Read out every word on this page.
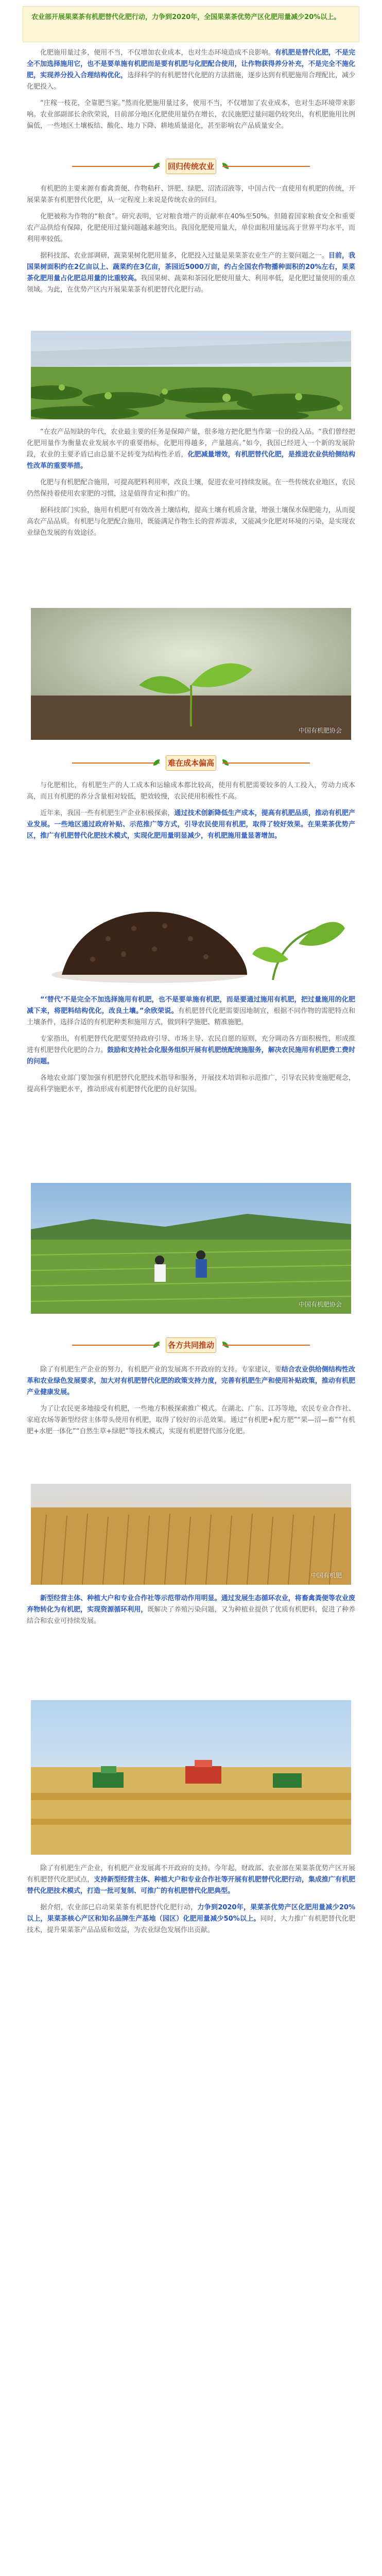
农业部开展果菜茶有机肥替代化肥行动，力争到2020年，全国果菜茶优势产区化肥用量减少20%以上。

化肥施用量过多，便用不当，不仅增加农业成本，也对生态环境造成不良影响。有机肥是替代化肥，不是完全不加选择施用它，也不是要单施有机肥而是要有机肥与化肥配合使用，让作物获得养分补充，不是完全不施化肥，实现养分投入合理结构优化，选择科学的有机肥替代化肥的方法措施，逐步达到有机肥施用合理配比，减少化肥投入。

“庄稼一枝花，全靠肥当家。”然而化肥施用量过多，使用不当，不仅增加了农业成本，也对生态环境带来影响。农业部副部长余欣荣说，目前部分地区化肥使用量仍在增长，农民施肥过量问题仍较突出，有机肥施用比例偏低，一些地区土壤板结、酸化、地力下降、耕地质量退化，甚至影响农产品质量安全。

回归传统农业

有机肥的主要来源有畜禽粪便、作物秸秆、饼肥、绿肥、沼渣沼液等，中国古代一直使用有机肥的传统，开展果菜茶有机肥替代化肥，从一定程度上来说是传统农业的回归。

化肥被称为作物的“粮食”。研究表明，它对粮食增产的贡献率在40%至50%。但随着国家粮食安全和重要农产品供给有保障，化肥使用过量问题越来越突出。我国化肥使用量大，单位面积用量远高于世界平均水平，而利用率较低。

据科技部、农业部调研，蔬菜果树化肥用量多，化肥投入过量是果菜茶农业生产的主要问题之一。目前，我国果树面积约在2亿亩以上、蔬菜约在3亿亩，茶园近5000万亩，约占全国农作物播种面积的20%左右，果菜茶化肥用量占化肥总用量的比重较高。我国果树、蔬菜和茶园化肥使用量大、利用率低，是化肥过量使用的重点领域。为此，在优势产区内开展果菜茶有机肥替代化肥行动。

“在农产品短缺的年代，农业最主要的任务是保障产量，很多地方把化肥当作第一位的投入品。“我们曾经把化肥用量作为衡量农业发展水平的重要指标，化肥用得越多，产量越高。”如今，我国已经进入一个新的发展阶段，农业的主要矛盾已由总量不足转变为结构性矛盾，化肥减量增效，有机肥替代化肥，是推进农业供给侧结构性改革的重要举措。

化肥与有机肥配合施用，可提高肥料利用率，改良土壤，促进农业可持续发展。在一些传统农业地区，农民仍然保持着使用农家肥的习惯，这是值得肯定和推广的。

据科技部门实验，施用有机肥可有效改善土壤结构，提高土壤有机质含量，增强土壤保水保肥能力，从而提高农产品品质。有机肥与化肥配合施用，既能满足作物生长的营养需求，又能减少化肥对环境的污染，是实现农业绿色发展的有效途径。

中国有机肥协会
难在成本偏高

与化肥相比，有机肥生产的人工成本和运输成本都比较高，使用有机肥需要较多的人工投入，劳动力成本高，而且有机肥的养分含量相对较低，肥效较慢，农民使用积极性不高。

近年来，我国一些有机肥生产企业积极探索，通过技术创新降低生产成本，提高有机肥品质，推动有机肥产业发展。一些地区通过政府补贴、示范推广等方式，引导农民使用有机肥，取得了较好效果。在果菜茶优势产区，推广有机肥替代化肥技术模式，实现化肥用量明显减少，有机肥施用量显著增加。

“‘替代’不是完全不加选择施用有机肥，也不是要单施有机肥，而是要通过施用有机肥，把过量施用的化肥减下来，将肥料结构优化，改良土壤。”余欣荣说。有机肥替代化肥需要因地制宜，根据不同作物的需肥特点和土壤条件，选择合适的有机肥种类和施用方式，做到科学施肥、精准施肥。

专家指出，有机肥替代化肥要坚持政府引导、市场主导、农民自愿的原则，充分调动各方面积极性，形成推进有机肥替代化肥的合力。鼓励和支持社会化服务组织开展有机肥统配统施服务，解决农民施用有机肥费工费时的问题。

各地农业部门要加强有机肥替代化肥技术指导和服务，开展技术培训和示范推广，引导农民转变施肥观念，提高科学施肥水平，推动形成有机肥替代化肥的良好氛围。

中国有机肥协会
各方共同推动

除了有机肥生产企业的努力，有机肥产业的发展离不开政府的支持。专家建议，要结合农业供给侧结构性改革和农业绿色发展要求，加大对有机肥替代化肥的政策支持力度，完善有机肥生产和使用补贴政策，推动有机肥产业健康发展。

为了让农民更多地接受有机肥，一些地方积极探索推广模式。在湖北、广东、江苏等地，农民专业合作社、家庭农场等新型经营主体带头使用有机肥，取得了较好的示范效果。通过“有机肥+配方肥”“果—沼—畜”“有机肥+水肥一体化”“自然生草+绿肥”等技术模式，实现有机肥替代部分化肥。

中国有机肥

新型经营主体、种植大户和专业合作社等示范带动作用明显。通过发展生态循环农业，将畜禽粪便等农业废弃物转化为有机肥，实现资源循环利用，既解决了养殖污染问题，又为种植业提供了优质有机肥料，促进了种养结合和农业可持续发展。

除了有机肥生产企业，有机肥产业发展离不开政府的支持。今年起，财政部、农业部在果菜茶优势产区开展有机肥替代化肥试点，支持新型经营主体、种植大户和专业合作社等开展有机肥替代化肥行动，集成推广有机肥替代化肥技术模式，打造一批可复制、可推广的有机肥替代化肥典型。

据介绍，农业部已启动果菜茶有机肥替代化肥行动，力争到2020年，果菜茶优势产区化肥用量减少20%以上，果菜茶核心产区和知名品牌生产基地（园区）化肥用量减少50%以上。同时，大力推广有机肥替代化肥技术，提升果菜茶产品品质和效益，为农业绿色发展作出贡献。
